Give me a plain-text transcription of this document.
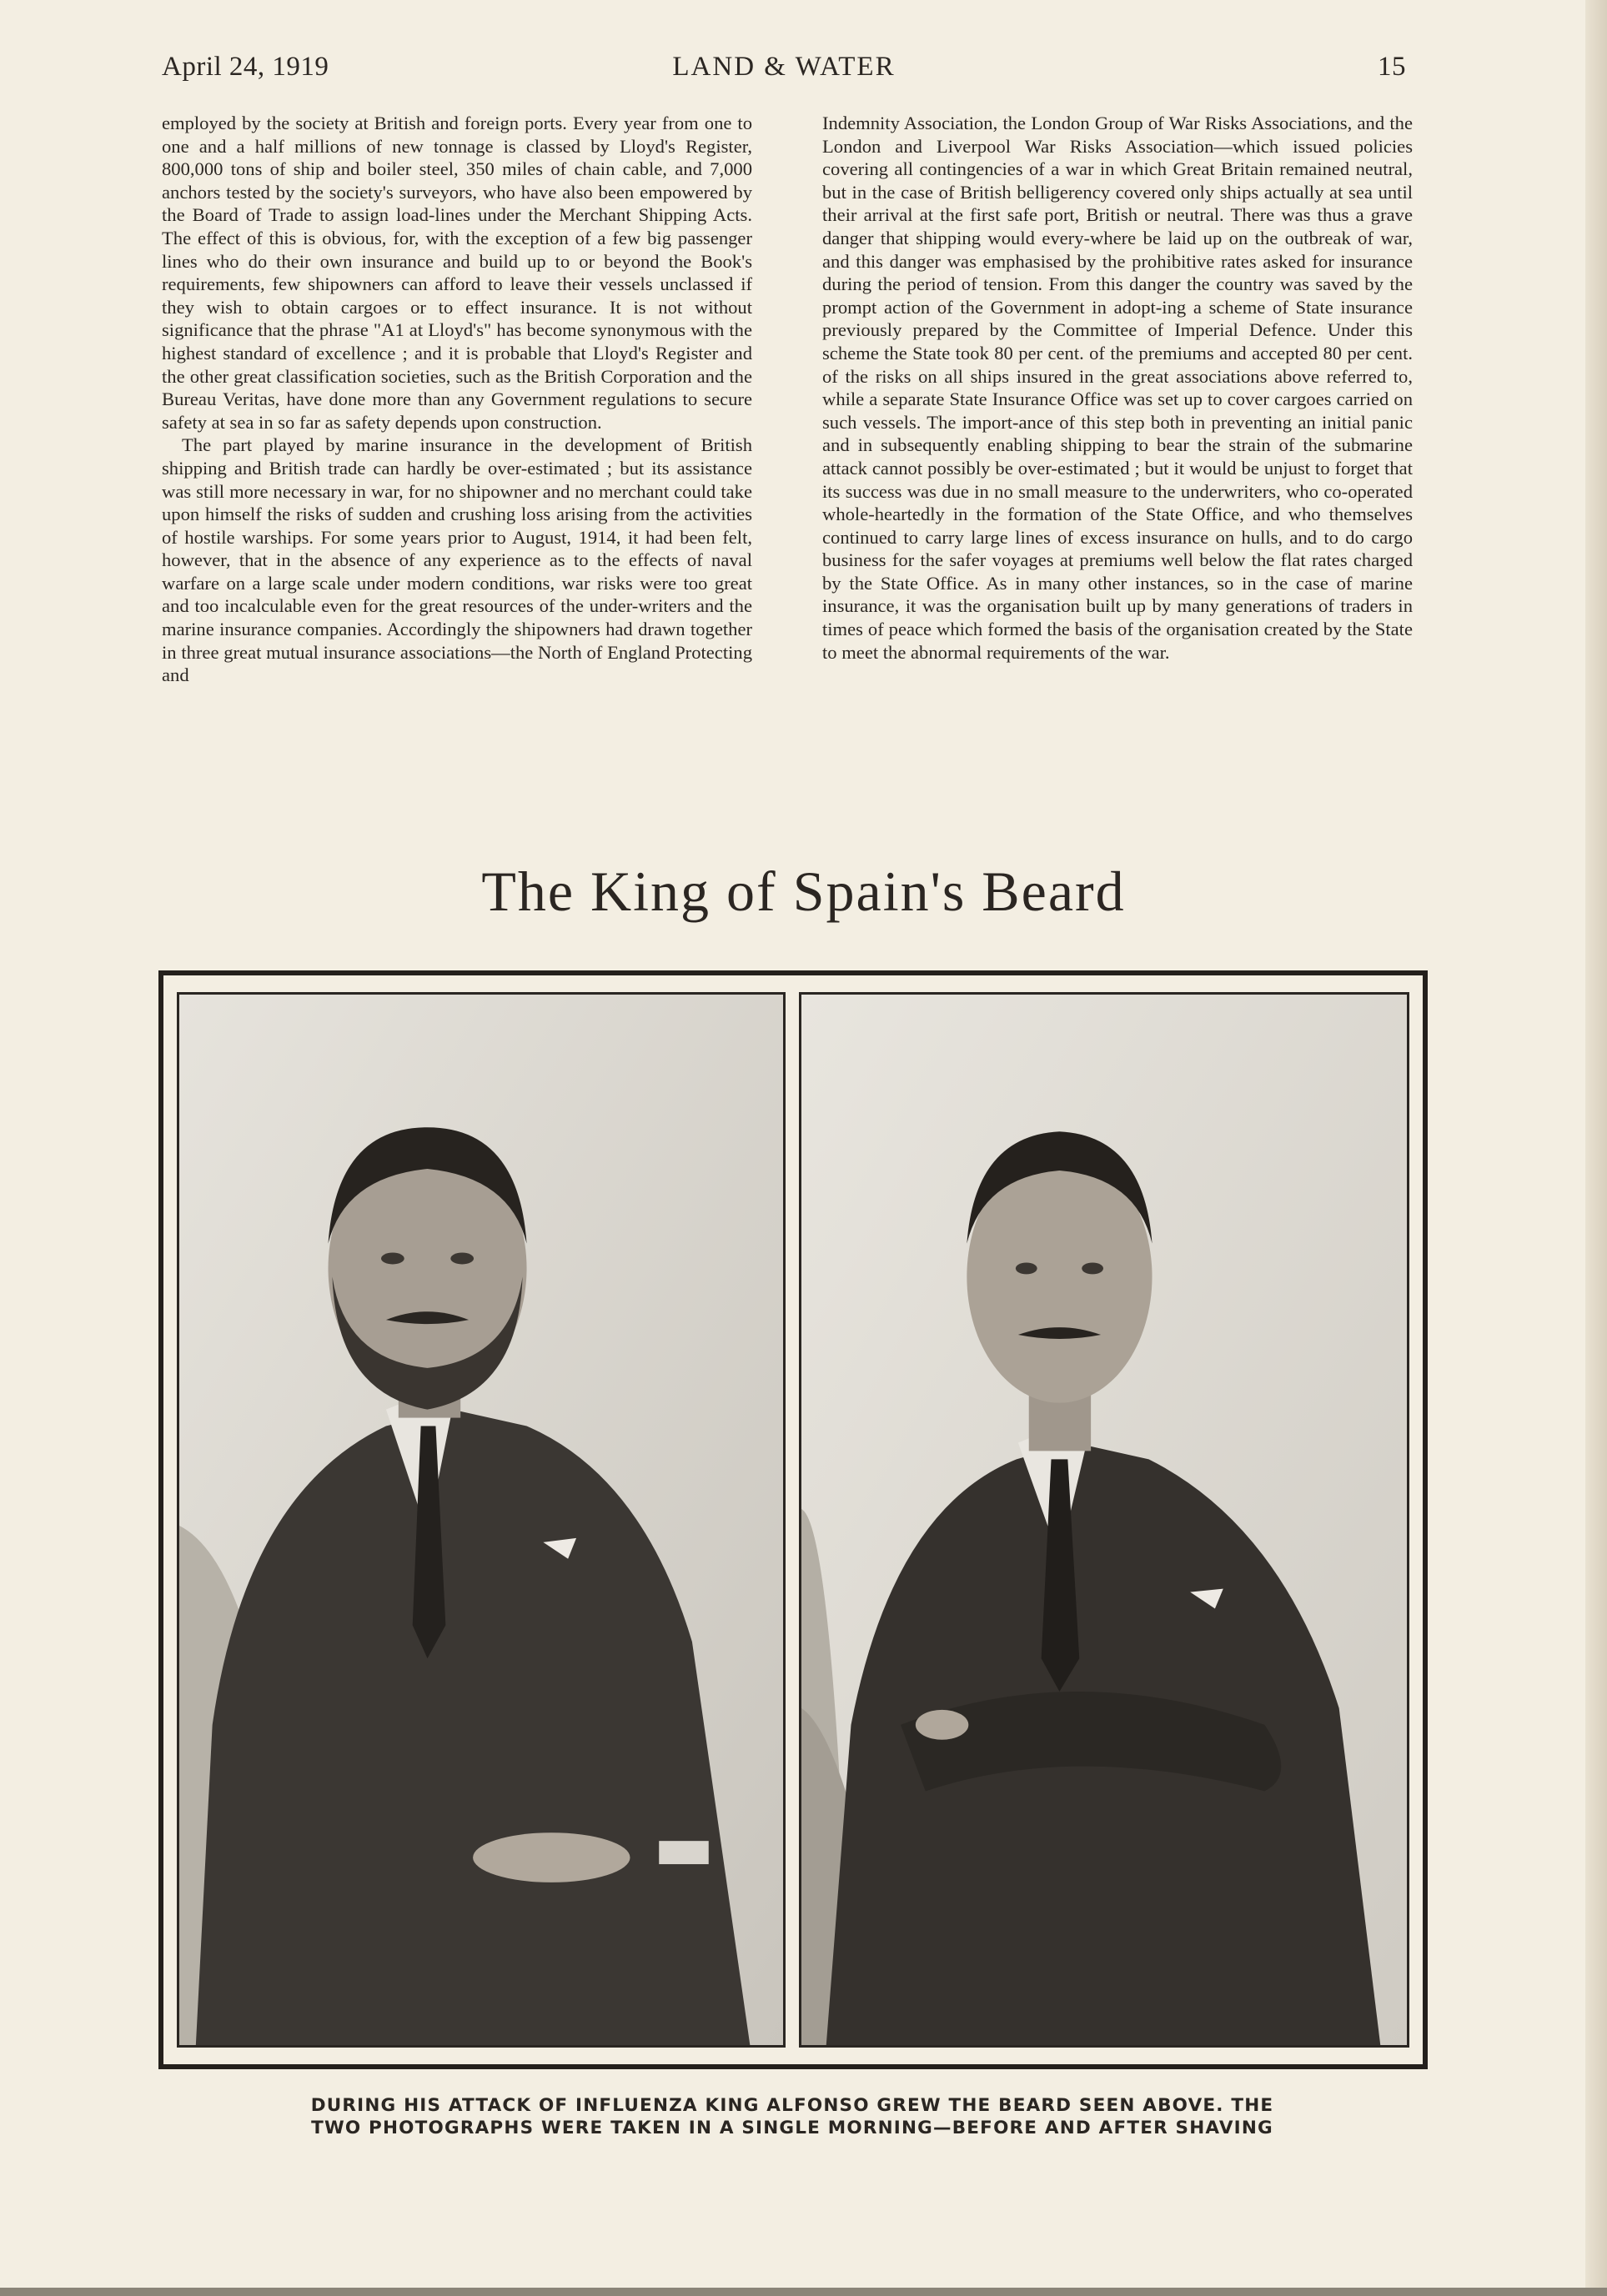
April 24, 1919	LAND & WATER	15

employed by the society at British and foreign ports. Every year from one to one and a half millions of new tonnage is classed by Lloyd's Register, 800,000 tons of ship and boiler steel, 350 miles of chain cable, and 7,000 anchors tested by the society's surveyors, who have also been empowered by the Board of Trade to assign load-lines under the Merchant Shipping Acts. The effect of this is obvious, for, with the exception of a few big passenger lines who do their own insurance and build up to or beyond the Book's requirements, few shipowners can afford to leave their vessels unclassed if they wish to obtain cargoes or to effect insurance. It is not without significance that the phrase "A1 at Lloyd's" has become synonymous with the highest standard of excellence ; and it is probable that Lloyd's Register and the other great classification societies, such as the British Corporation and the Bureau Veritas, have done more than any Government regulations to secure safety at sea in so far as safety depends upon construction.

The part played by marine insurance in the development of British shipping and British trade can hardly be over-estimated ; but its assistance was still more necessary in war, for no shipowner and no merchant could take upon himself the risks of sudden and crushing loss arising from the activities of hostile warships. For some years prior to August, 1914, it had been felt, however, that in the absence of any experience as to the effects of naval warfare on a large scale under modern conditions, war risks were too great and too incalculable even for the great resources of the under-writers and the marine insurance companies. Accordingly the shipowners had drawn together in three great mutual insurance associations—the North of England Protecting and

Indemnity Association, the London Group of War Risks Associations, and the London and Liverpool War Risks Association—which issued policies covering all contingencies of a war in which Great Britain remained neutral, but in the case of British belligerency covered only ships actually at sea until their arrival at the first safe port, British or neutral. There was thus a grave danger that shipping would every-where be laid up on the outbreak of war, and this danger was emphasised by the prohibitive rates asked for insurance during the period of tension. From this danger the country was saved by the prompt action of the Government in adopt-ing a scheme of State insurance previously prepared by the Committee of Imperial Defence. Under this scheme the State took 80 per cent. of the premiums and accepted 80 per cent. of the risks on all ships insured in the great associations above referred to, while a separate State Insurance Office was set up to cover cargoes carried on such vessels. The import-ance of this step both in preventing an initial panic and in subsequently enabling shipping to bear the strain of the submarine attack cannot possibly be over-estimated ; but it would be unjust to forget that its success was due in no small measure to the underwriters, who co-operated whole-heartedly in the formation of the State Office, and who themselves continued to carry large lines of excess insurance on hulls, and to do cargo business for the safer voyages at premiums well below the flat rates charged by the State Office. As in many other instances, so in the case of marine insurance, it was the organisation built up by many generations of traders in times of peace which formed the basis of the organisation created by the State to meet the abnormal requirements of the war.

The King of Spain's Beard
DURING HIS ATTACK OF INFLUENZA KING ALFONSO GREW THE BEARD SEEN ABOVE. THE
TWO PHOTOGRAPHS WERE TAKEN IN A SINGLE MORNING—BEFORE AND AFTER SHAVING
